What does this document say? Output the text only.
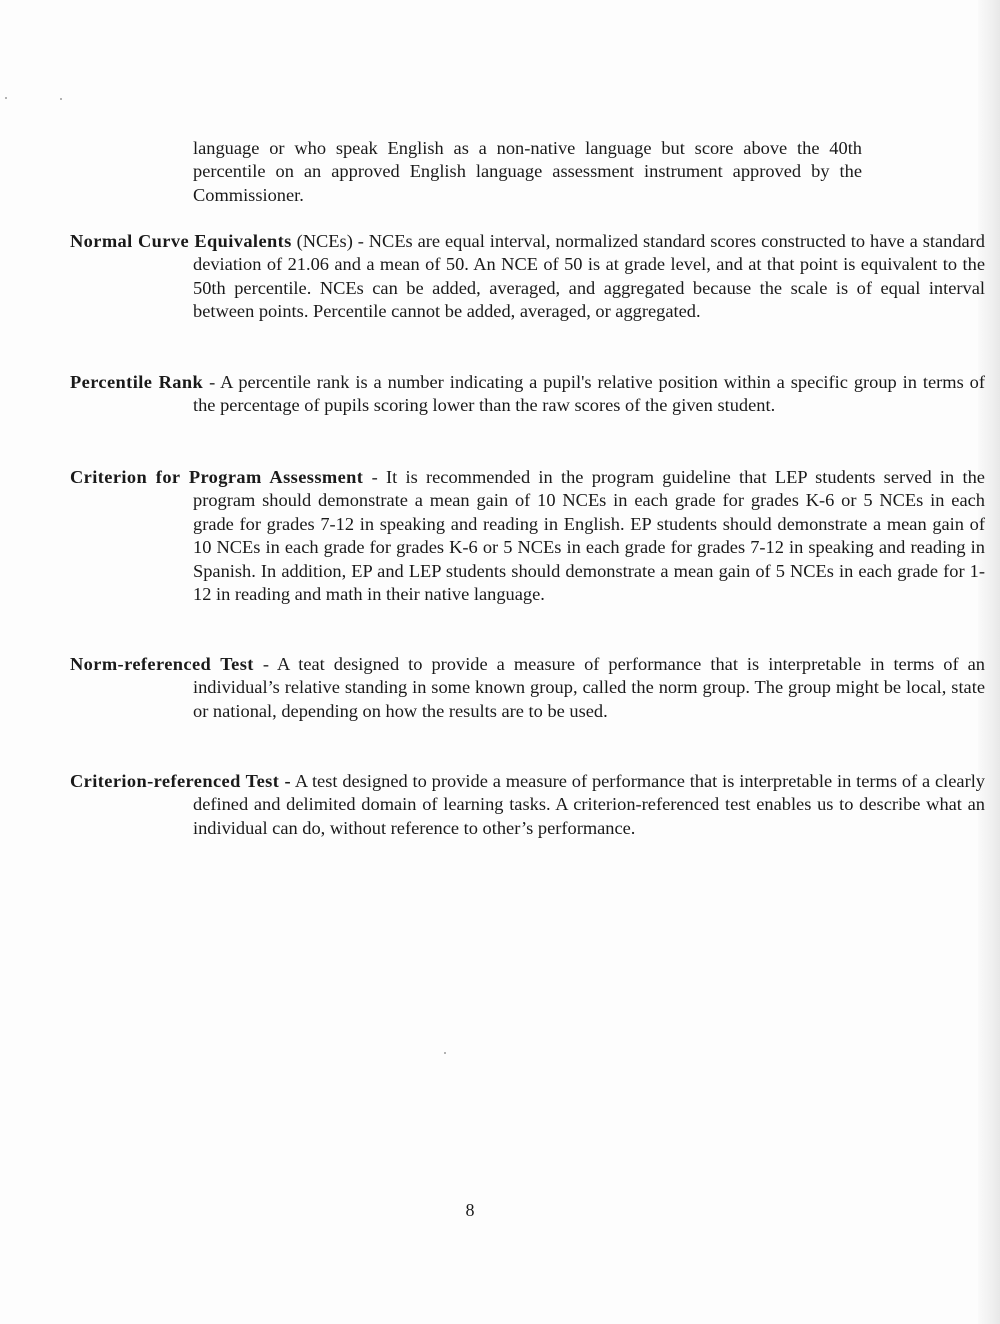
language or who speak English as a non-native language but score above the 40th percentile on an approved English language assessment instrument approved by the Commissioner.
Normal Curve Equivalents (NCEs) - NCEs are equal interval, normalized standard scores constructed to have a standard deviation of 21.06 and a mean of 50. An NCE of 50 is at grade level, and at that point is equivalent to the 50th percentile. NCEs can be added, averaged, and aggregated because the scale is of equal interval between points. Percentile cannot be added, averaged, or aggregated.
Percentile Rank - A percentile rank is a number indicating a pupil's relative position within a specific group in terms of the percentage of pupils scoring lower than the raw scores of the given student.
Criterion for Program Assessment - It is recommended in the program guideline that LEP students served in the program should demonstrate a mean gain of 10 NCEs in each grade for grades K-6 or 5 NCEs in each grade for grades 7-12 in speaking and reading in English. EP students should demonstrate a mean gain of 10 NCEs in each grade for grades K-6 or 5 NCEs in each grade for grades 7-12 in speaking and reading in Spanish. In addition, EP and LEP students should demonstrate a mean gain of 5 NCEs in each grade for 1-12 in reading and math in their native language.
Norm-referenced Test - A teat designed to provide a measure of performance that is interpretable in terms of an individual’s relative standing in some known group, called the norm group. The group might be local, state or national, depending on how the results are to be used.
Criterion-referenced Test - A test designed to provide a measure of performance that is interpretable in terms of a clearly defined and delimited domain of learning tasks. A criterion-referenced test enables us to describe what an individual can do, without reference to other’s performance.
8
